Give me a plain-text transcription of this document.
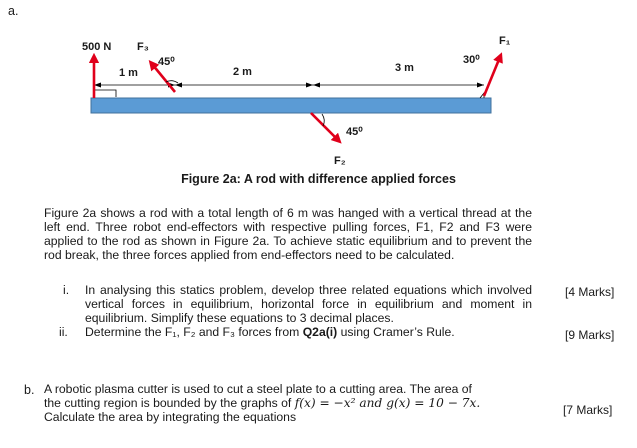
a.
500 N F₃	F₁
F₂
45⁰	30⁰
45⁰
1 m	2 m	3 m
Figure 2a: A rod with difference applied forces
Figure 2a shows a rod with a total length of 6 m was hanged with a vertical thread at the left end. Three robot end-effectors with respective pulling forces, F1, F2 and F3 were applied to the rod as shown in Figure 2a. To achieve static equilibrium and to prevent the rod break, the three forces applied from end-effectors need to be calculated.
i. In analysing this statics problem, develop three related equations which involved vertical forces in equilibrium, horizontal force in equilibrium and moment in equilibrium. Simplify these equations to 3 decimal places.
[4 Marks]
ii. Determine the F₁, F₂ and F₃ forces from Q2a(i) using Cramer’s Rule.	[9 Marks]
b. A robotic plasma cutter is used to cut a steel plate to a cutting area. The area of
the cutting region is bounded by the graphs of f(x) = −x² and g(x) = 10 − 7x.
Calculate the area by integrating the equations	[7 Marks]
